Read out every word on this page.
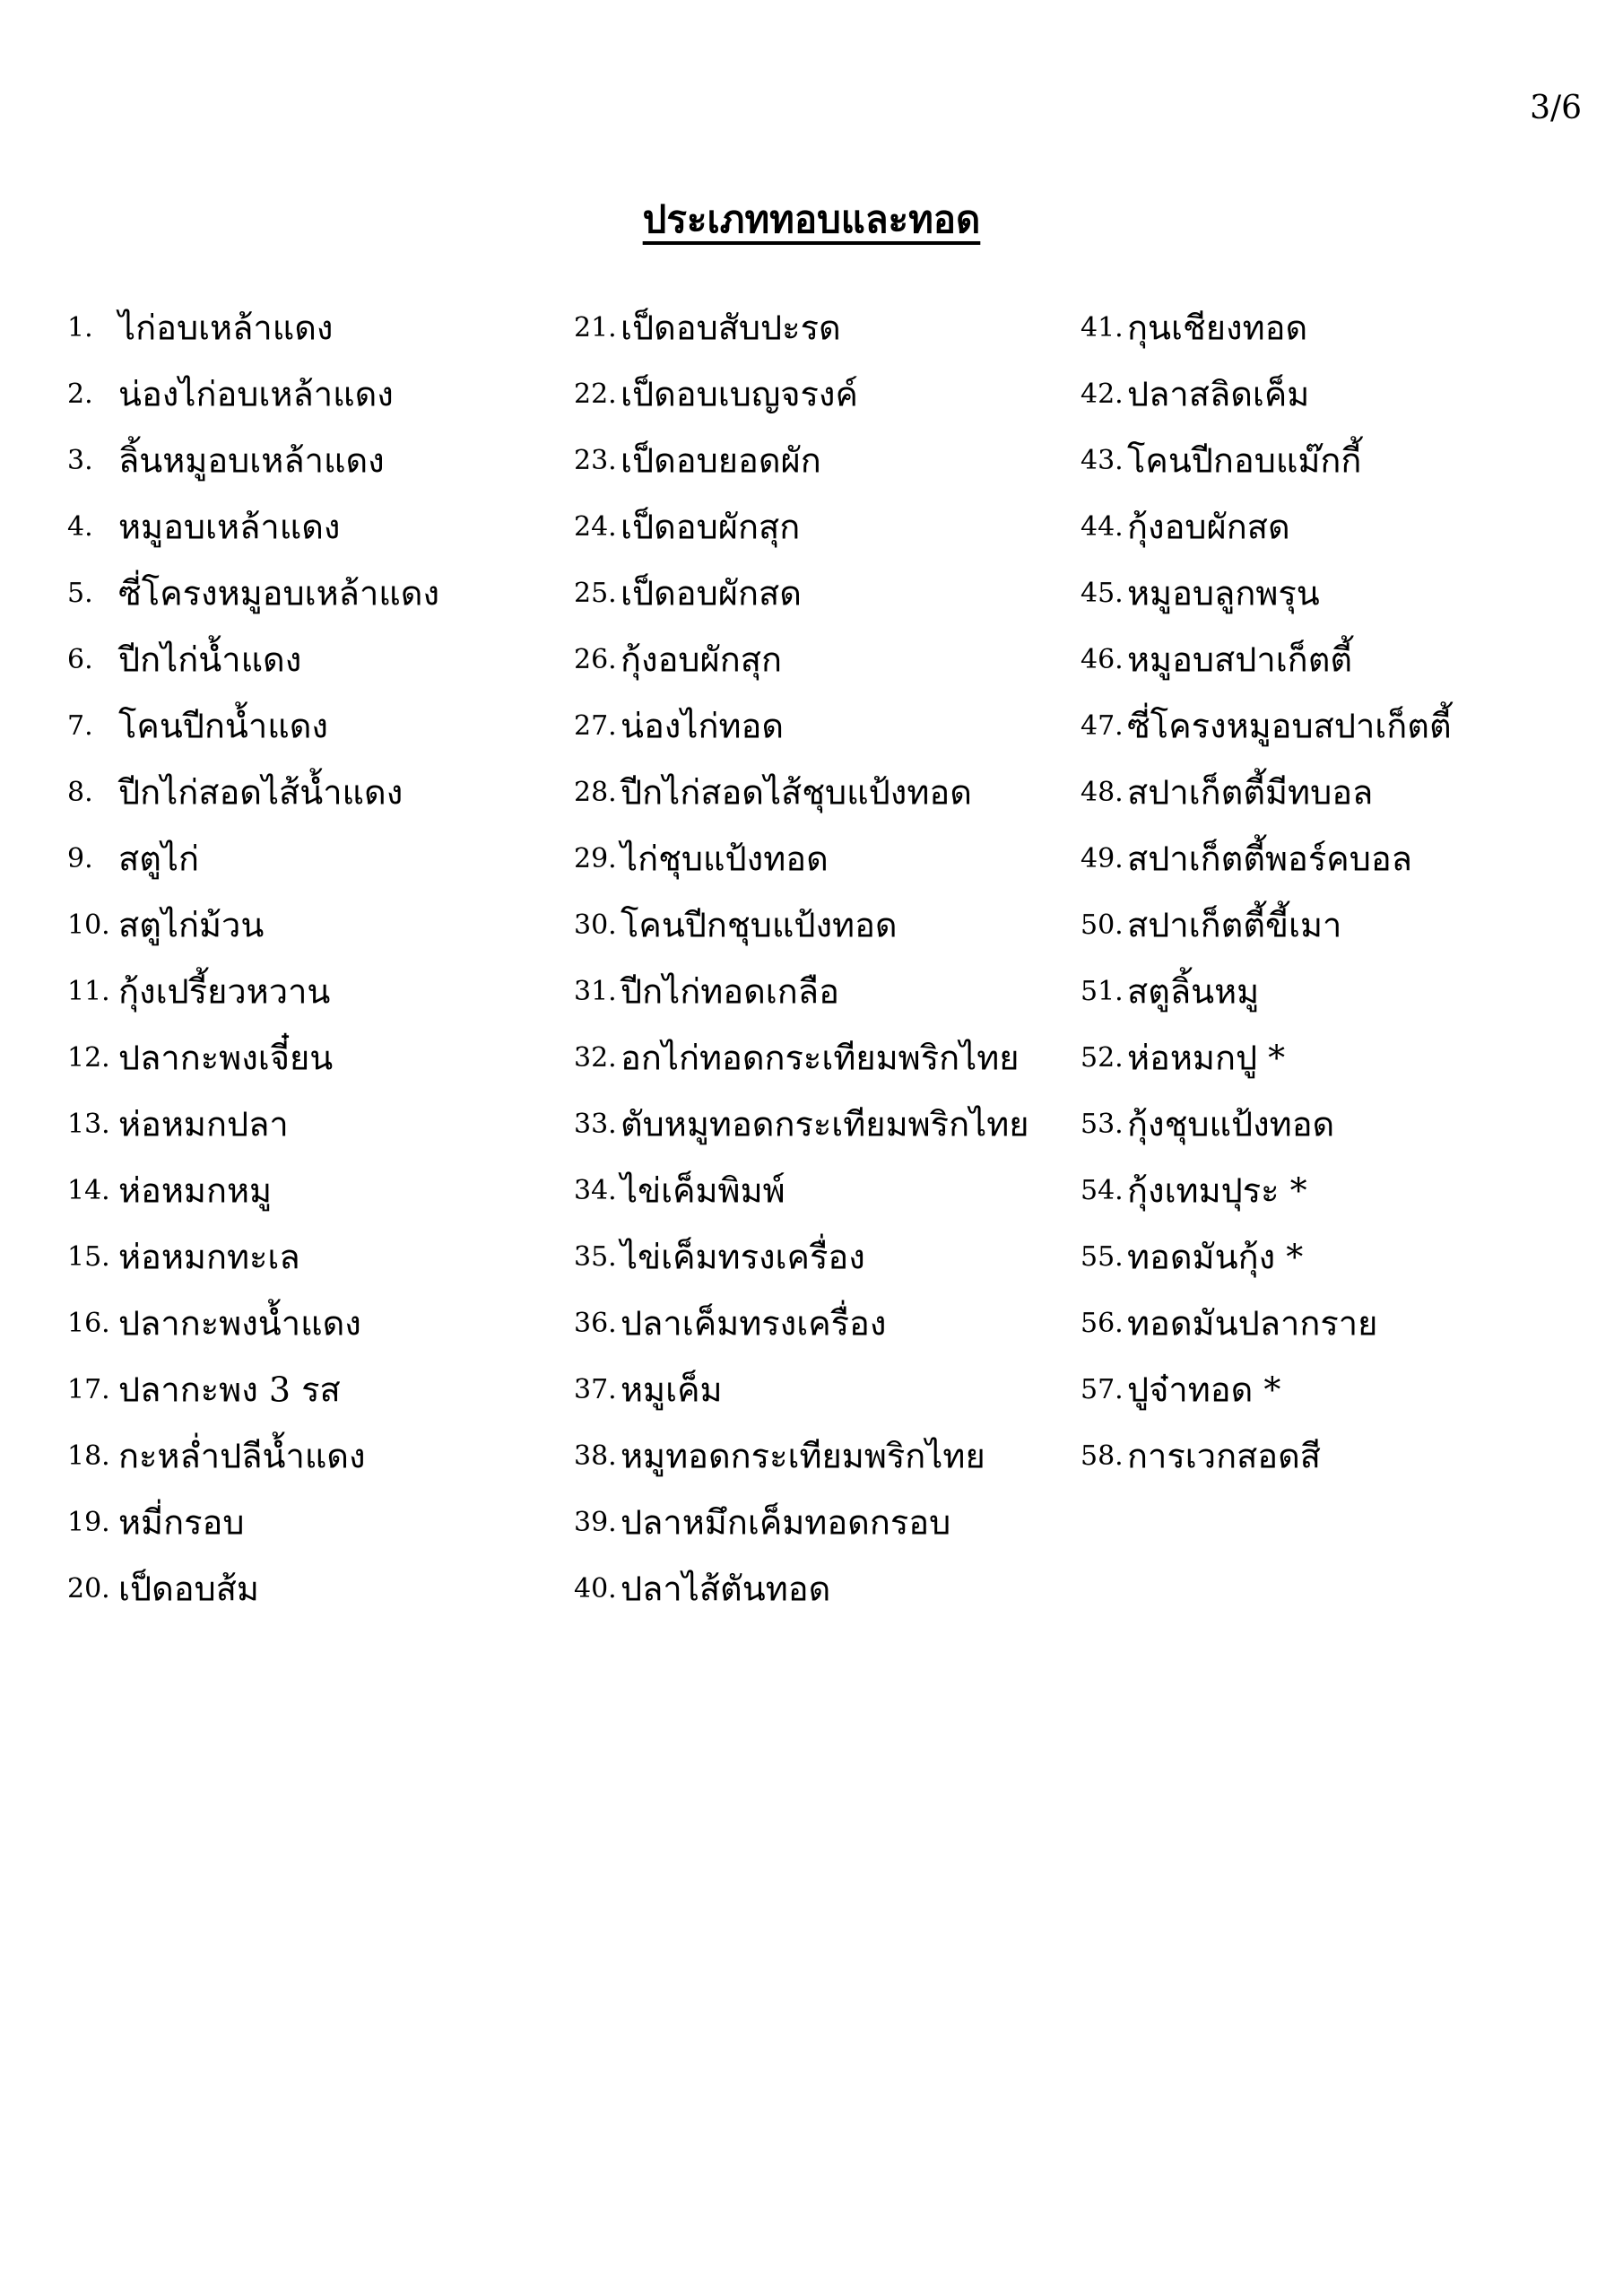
3/6
ประเภททอบและทอด
1. ไก่อบเหล้าแดง
2. น่องไก่อบเหล้าแดง
3. ลิ้นหมูอบเหล้าแดง
4. หมูอบเหล้าแดง
5. ซี่โครงหมูอบเหล้าแดง
6. ปีกไก่น้ำแดง
7. โคนปีกน้ำแดง
8. ปีกไก่สอดไส้น้ำแดง
9. สตูไก่
10. สตูไก่ม้วน
11. กุ้งเปรี้ยวหวาน
12. ปลากะพงเจี๋ยน
13. ห่อหมกปลา
14. ห่อหมกหมู
15. ห่อหมกทะเล
16. ปลากะพงน้ำแดง
17. ปลากะพง 3 รส
18. กะหล่ำปลีน้ำแดง
19. หมี่กรอบ
20. เป็ดอบส้ม
21. เป็ดอบสับปะรด
22. เป็ดอบเบญจรงค์
23. เป็ดอบยอดผัก
24. เป็ดอบผักสุก
25. เป็ดอบผักสด
26. กุ้งอบผักสุก
27. น่องไก่ทอด
28. ปีกไก่สอดไส้ชุบแป้งทอด
29. ไก่ชุบแป้งทอด
30. โคนปีกชุบแป้งทอด
31. ปีกไก่ทอดเกลือ
32. อกไก่ทอดกระเทียมพริกไทย
33. ตับหมูทอดกระเทียมพริกไทย
34. ไข่เค็มพิมพ์
35. ไข่เค็มทรงเครื่อง
36. ปลาเค็มทรงเครื่อง
37. หมูเค็ม
38. หมูทอดกระเทียมพริกไทย
39. ปลาหมึกเค็มทอดกรอบ
40. ปลาไส้ตันทอด
41. กุนเชียงทอด
42. ปลาสลิดเค็ม
43. โคนปีกอบแม๊กกี้
44. กุ้งอบผักสด
45. หมูอบลูกพรุน
46. หมูอบสปาเก็ตตี้
47. ซี่โครงหมูอบสปาเก็ตตี้
48. สปาเก็ตตี้มีทบอล
49. สปาเก็ตตี้พอร์คบอล
50. สปาเก็ตตี้ขี้เมา
51. สตูลิ้นหมู
52. ห่อหมกปู *
53. กุ้งชุบแป้งทอด
54. กุ้งเทมปุระ *
55. ทอดมันกุ้ง *
56. ทอดมันปลากราย
57. ปูจ๋าทอด *
58. การเวกสอดสี
